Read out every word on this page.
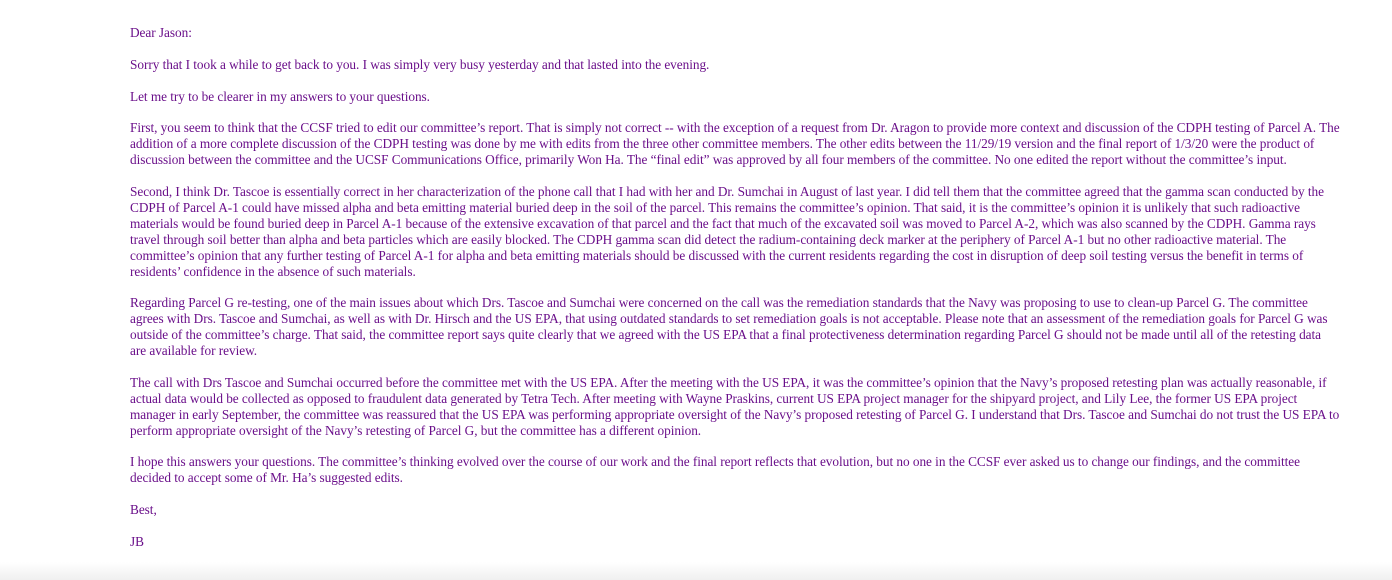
Dear Jason:

Sorry that I took a while to get back to you. I was simply very busy yesterday and that lasted into the evening.

Let me try to be clearer in my answers to your questions.

First, you seem to think that the CCSF tried to edit our committee’s report. That is simply not correct -- with the exception of a request from Dr. Aragon to provide more context and discussion of the CDPH testing of Parcel A. The addition of a more complete discussion of the CDPH testing was done by me with edits from the three other committee members. The other edits between the 11/29/19 version and the final report of 1/3/20 were the product of discussion between the committee and the UCSF Communications Office, primarily Won Ha. The “final edit” was approved by all four members of the committee. No one edited the report without the committee’s input.

Second, I think Dr. Tascoe is essentially correct in her characterization of the phone call that I had with her and Dr. Sumchai in August of last year. I did tell them that the committee agreed that the gamma scan conducted by the CDPH of Parcel A-1 could have missed alpha and beta emitting material buried deep in the soil of the parcel. This remains the committee’s opinion. That said, it is the committee’s opinion it is unlikely that such radioactive materials would be found buried deep in Parcel A-1 because of the extensive excavation of that parcel and the fact that much of the excavated soil was moved to Parcel A-2, which was also scanned by the CDPH. Gamma rays travel through soil better than alpha and beta particles which are easily blocked. The CDPH gamma scan did detect the radium-containing deck marker at the periphery of Parcel A-1 but no other radioactive material. The committee’s opinion that any further testing of Parcel A-1 for alpha and beta emitting materials should be discussed with the current residents regarding the cost in disruption of deep soil testing versus the benefit in terms of residents’ confidence in the absence of such materials.

Regarding Parcel G re-testing, one of the main issues about which Drs. Tascoe and Sumchai were concerned on the call was the remediation standards that the Navy was proposing to use to clean-up Parcel G. The committee agrees with Drs. Tascoe and Sumchai, as well as with Dr. Hirsch and the US EPA, that using outdated standards to set remediation goals is not acceptable. Please note that an assessment of the remediation goals for Parcel G was outside of the committee’s charge. That said, the committee report says quite clearly that we agreed with the US EPA that a final protectiveness determination regarding Parcel G should not be made until all of the retesting data are available for review.

The call with Drs Tascoe and Sumchai occurred before the committee met with the US EPA. After the meeting with the US EPA, it was the committee’s opinion that the Navy’s proposed retesting plan was actually reasonable, if actual data would be collected as opposed to fraudulent data generated by Tetra Tech. After meeting with Wayne Praskins, current US EPA project manager for the shipyard project, and Lily Lee, the former US EPA project manager in early September, the committee was reassured that the US EPA was performing appropriate oversight of the Navy’s proposed retesting of Parcel G. I understand that Drs. Tascoe and Sumchai do not trust the US EPA to perform appropriate oversight of the Navy’s retesting of Parcel G, but the committee has a different opinion.

I hope this answers your questions. The committee’s thinking evolved over the course of our work and the final report reflects that evolution, but no one in the CCSF ever asked us to change our findings, and the committee decided to accept some of Mr. Ha’s suggested edits.

Best,

JB
